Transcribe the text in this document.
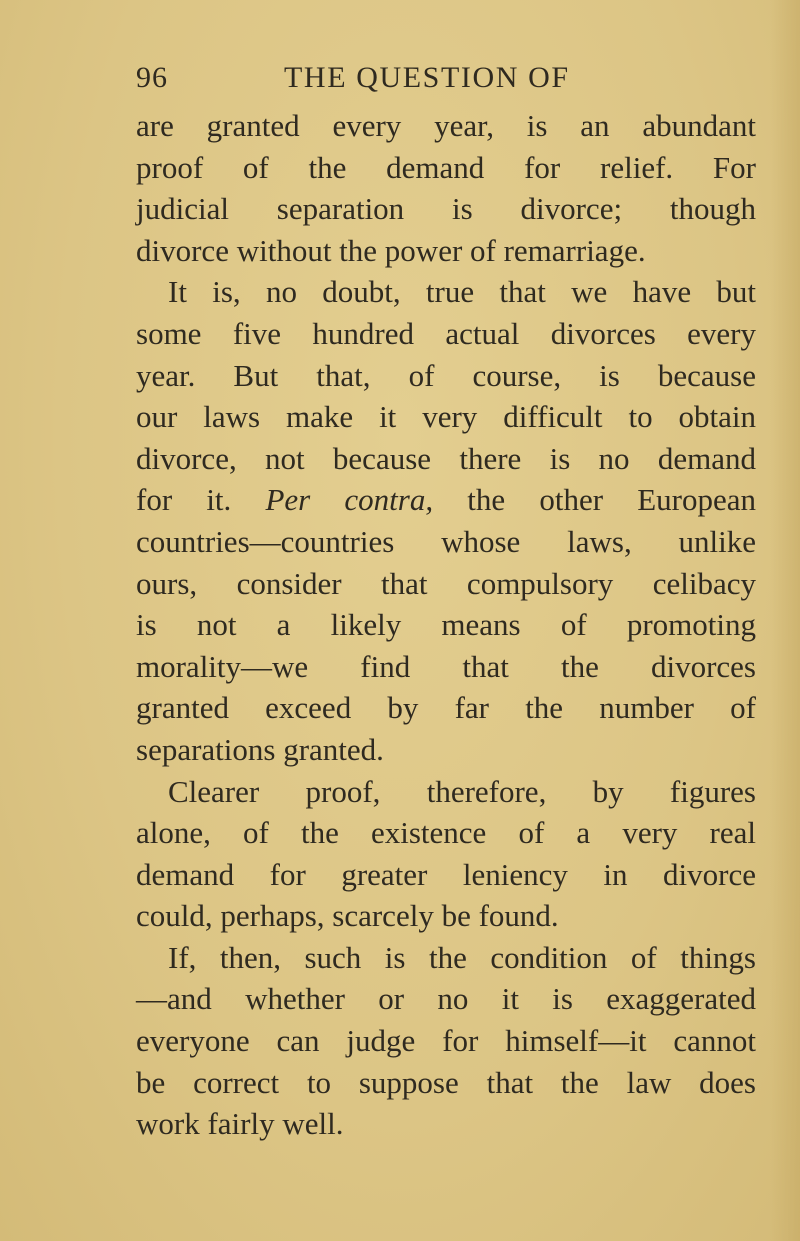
96	THE QUESTION OF
are granted every year, is an abundant
proof of the demand for relief. For
judicial separation is divorce; though
divorce without the power of remarriage.
It is, no doubt, true that we have but
some five hundred actual divorces every
year. But that, of course, is because
our laws make it very difficult to obtain
divorce, not because there is no demand
for it. Per contra, the other European
countries—countries whose laws, unlike
ours, consider that compulsory celibacy
is not a likely means of promoting
morality—we find that the divorces
granted exceed by far the number of
separations granted.
Clearer proof, therefore, by figures
alone, of the existence of a very real
demand for greater leniency in divorce
could, perhaps, scarcely be found.
If, then, such is the condition of things
—and whether or no it is exaggerated
everyone can judge for himself—it cannot
be correct to suppose that the law does
work fairly well.
